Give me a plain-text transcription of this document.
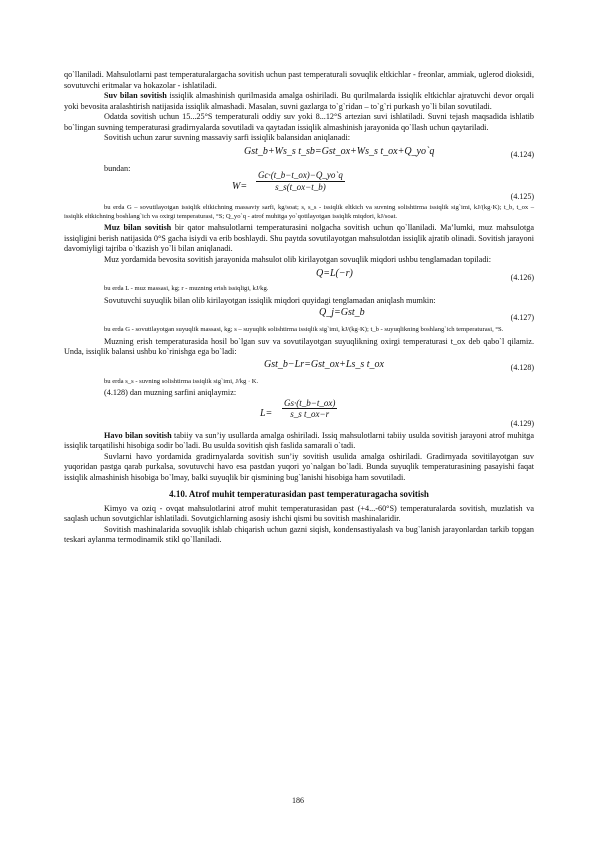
qo`llaniladi. Mahsulotlarni past temperaturalargacha sovitish uchun past temperaturali sovuqlik eltkichlar - freonlar, ammiak, uglerod dioksidi, sovutuvchi eritmalar va hokazolar - ishlatiladi.

Suv bilan sovitish issiqlik almashinish qurilmasida amalga oshiriladi. Bu qurilmalarda issiqlik eltkichlar ajratuvchi devor orqali yoki bevosita aralashtirish natijasida issiqlik almashadi. Masalan, suvni gazlarga to`g`ridan – to`g`ri purkash yo`li bilan sovutiladi.

Odatda sovitish uchun 15...25°S temperaturali oddiy suv yoki 8...12°S artezian suvi ishlatiladi. Suvni tejash maqsadida ishlatib bo`lingan suvning temperaturasi gradirnyalarda sovutiladi va qaytadan issiqlik almashinish jarayonida qo`llash uchun qaytariladi.

Sovitish uchun zarur suvning massaviy sarfi issiqlik balansidan aniqlanadi:

Gst_b+Ws_s t_sb=Gst_ox+Ws_s t_ox+Q_yo`q	(4.124)

bundan:

$W= \frac{Gc\cdot(t\_b-t\_ox)-Q\_yo`q}{s\_s(t\_ox-t\_b)}$
(4.125)

bu erda G – sovutilayotgan issiqlik eltkichning massaviy sarfi, kg/soat; s, s_s - issiqlik eltkich va suvning solishtirma issiqlik sig`imi, kJ/(kg·K); t_b, t_ox – issiqlik eltkichning boshlang`ich va oxirgi temperaturasi, °S; Q_yo`q - atrof muhitga yo`qotilayotgan issiqlik miqdori, kJ/soat.

Muz bilan sovitish bir qator mahsulotlarni temperaturasini nolgacha sovitish uchun qo`llaniladi. Ma’lumki, muz mahsulotga issiqligini berish natijasida 0°S gacha isiydi va erib boshlaydi. Shu paytda sovutilayotgan mahsulotdan issiqlik ajratib olinadi. Sovitish jarayoni davomiyligi tajriba o`tkazish yo`li bilan aniqlanadi.

Muz yordamida bevosita sovitish jarayonida mahsulot olib kirilayotgan sovuqlik miqdori ushbu tenglamadan topiladi:

Q=L(−r)	(4.126)

bu erda L - muz massasi, kg; r - muzning erish issiqligi, kJ/kg.

Sovutuvchi suyuqlik bilan olib kirilayotgan issiqlik miqdori quyidagi tenglamadan aniqlash mumkin:

Q_j=Gst_b	(4.127)

bu erda G - sovutilayotgan suyuqlik massasi, kg; s – suyuqlik solishtirma issiqlik sig`imi, kJ/(kg·K); t_b - suyuqlikning boshlang`ich temperaturasi, °S.

Muzning erish temperaturasida hosil bo`lgan suv va sovutilayotgan suyuqlikning oxirgi temperaturasi t_ox deb qabo`l qilamiz. Unda, issiqlik balansi ushbu ko`rinishga ega bo`ladi:

Gst_b−Lr=Gst_ox+Ls_s t_ox	(4.128)

bu erda s_s - suvning solishtirma issiqlik sig`imi, J/kg · K.

(4.128) dan muzning sarfini aniqlaymiz:

$L= \frac{Gs\cdot(t\_b-t\_ox)}{\text{s\_s t\_ox−r}}$
(4.129)

Havo bilan sovitish tabiiy va sun’iy usullarda amalga oshiriladi. Issiq mahsulotlarni tabiiy usulda sovitish jarayoni atrof muhitga issiqlik tarqatilishi hisobiga sodir bo`ladi. Bu usulda sovitish qish faslida samarali o`tadi.

Suvlarni havo yordamida gradirnyalarda sovitish sun’iy sovitish usulida amalga oshiriladi. Gradirnyada sovitilayotgan suv yuqoridan pastga qarab purkalsa, sovutuvchi havo esa pastdan yuqori yo`nalgan bo`ladi. Bunda suyuqlik temperaturasining pasayishi faqat issiqlik almashinish hisobiga bo`lmay, balki suyuqlik bir qismining bug`lanishi hisobiga ham sovutiladi.

4.10. Atrof muhit temperaturasidan past temperaturagacha sovitish

Kimyo va oziq - ovqat mahsulotlarini atrof muhit temperaturasidan past (+4...-60°S) temperaturalarda sovitish, muzlatish va saqlash uchun sovutgichlar ishlatiladi. Sovutgichlarning asosiy ishchi qismi bu sovitish mashinalaridir.

Sovitish mashinalarida sovuqlik ishlab chiqarish uchun gazni siqish, kondensastiyalash va bug`lanish jarayonlardan tarkib topgan teskari aylanma termodinamik stikl qo`llaniladi.

186
